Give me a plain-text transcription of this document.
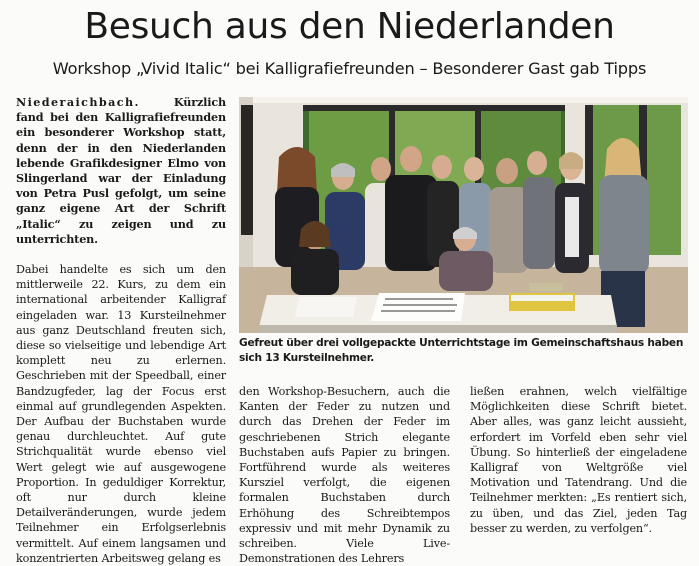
Besuch aus den Niederlanden
Workshop „Vivid Italic“ bei Kalligrafiefreunden – Besonderer Gast gab Tipps

Niederaichbach.	Kürzlich fand bei den Kalligrafiefreunden ein besonderer Workshop statt, denn der in den Niederlanden lebende Grafikdesigner Elmo von Slingerland war der Einladung von Petra Pusl gefolgt, um seine ganz eigene Art der Schrift „Italic“ zu zeigen und zu unterrichten.

Dabei handelte es sich um den mittlerweile 22. Kurs, zu dem ein international arbeitender Kalligraf eingeladen war. 13 Kursteilnehmer aus ganz Deutschland freuten sich, diese so vielseitige und lebendige Art komplett neu zu erlernen. Geschrieben mit der Speedball, einer Bandzugfeder, lag der Focus erst einmal auf grundlegenden Aspekten. Der Aufbau der Buchstaben wurde genau durchleuchtet. Auf gute Strichqualität wurde ebenso viel Wert gelegt wie auf ausgewogene Proportion. In geduldiger Korrektur, oft nur durch kleine Detailveränderungen, wurde jedem Teilnehmer ein Erfolgserlebnis vermittelt. Auf einem langsamen und konzentrierten Arbeitsweg gelang es

Gefreut über drei vollgepackte Unterrichtstage im Gemeinschaftshaus haben
sich 13 Kursteilnehmer.

den Workshop-Besuchern, auch die Kanten der Feder zu nutzen und durch das Drehen der Feder im geschriebenen Strich elegante Buchstaben aufs Papier zu bringen. Fortführend wurde als weiteres Kursziel verfolgt, die eigenen formalen Buchstaben durch Erhöhung des Schreibtempos expressiv und mit mehr Dynamik zu schreiben. Viele Live-Demonstrationen des Lehrers

ließen erahnen, welch vielfältige Möglichkeiten diese Schrift bietet. Aber alles, was ganz leicht aussieht, erfordert im Vorfeld eben sehr viel Übung. So hinterließ der eingeladene Kalligraf von Weltgröße viel Motivation und Tatendrang. Und die Teilnehmer merkten: „Es rentiert sich, zu üben, und das Ziel, jeden Tag besser zu werden, zu verfolgen“.
